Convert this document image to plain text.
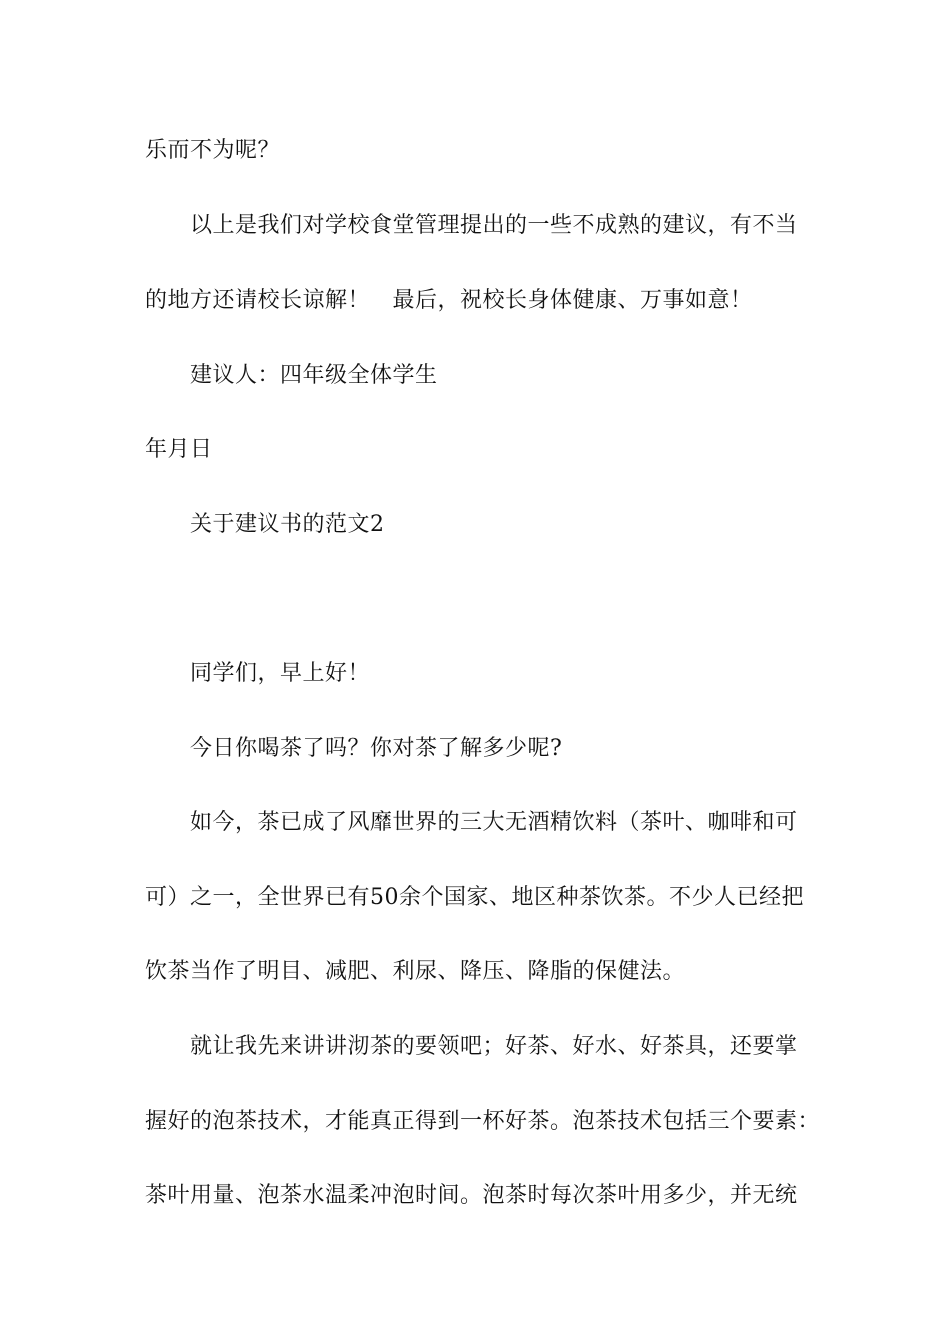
乐而不为呢？
以上是我们对学校食堂管理提出的一些不成熟的建议，有不当
的地方还请校长谅解！　最后，祝校长身体健康、万事如意！
建议人：四年级全体学生
年月日
关于建议书的范文2
同学们，早上好！
今日你喝茶了吗？你对茶了解多少呢?
如今，茶已成了风靡世界的三大无酒精饮料（茶叶、咖啡和可
可）之一，全世界已有50余个国家、地区种茶饮茶。不少人已经把
饮茶当作了明目、减肥、利尿、降压、降脂的保健法。
就让我先来讲讲沏茶的要领吧；好茶、好水、好茶具，还要掌
握好的泡茶技术，才能真正得到一杯好茶。泡茶技术包括三个要素：
茶叶用量、泡茶水温柔冲泡时间。泡茶时每次茶叶用多少，并无统
